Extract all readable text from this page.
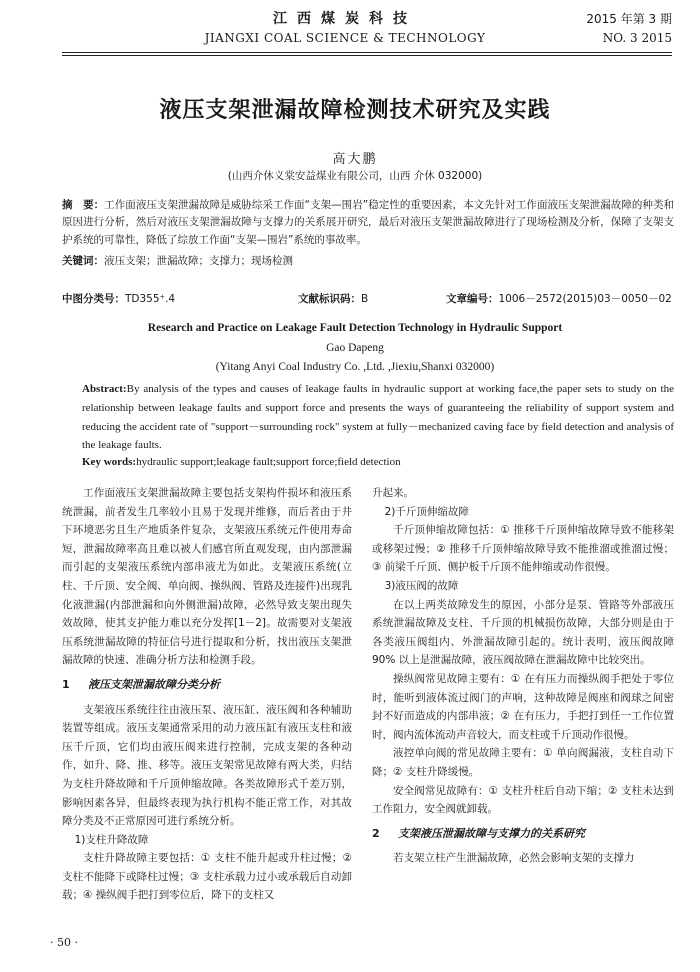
江西煤炭科技
JIANGXI COAL SCIENCE & TECHNOLOGY
2015 年第 3 期
NO. 3 2015
液压支架泄漏故障检测技术研究及实践
高大鹏
(山西介休义棠安益煤业有限公司，山西 介休 032000)
摘　要：工作面液压支架泄漏故障是威胁综采工作面“支架—围岩”稳定性的重要因素，本文先针对工作面液压支架泄漏故障的种类和原因进行分析，然后对液压支架泄漏故障与支撑力的关系展开研究，最后对液压支架泄漏故障进行了现场检测及分析，保障了支架支护系统的可靠性，降低了综放工作面“支架—围岩”系统的事故率。
关键词：液压支架；泄漏故障；支撑力；现场检测
中图分类号：TD355⁺.4	文献标识码：B	文章编号：1006－2572(2015)03－0050－02
Research and Practice on Leakage Fault Detection Technology in Hydraulic Support
Gao Dapeng
(Yitang Anyi Coal Industry Co. ,Ltd. ,Jiexiu,Shanxi 032000)
Abstract:By analysis of the types and causes of leakage faults in hydraulic support at working face,the paper sets to study on the relationship between leakage faults and support force and presents the ways of guaranteeing the reliability of support system and reducing the accident rate of "support－surrounding rock" system at fully－mechanized caving face by field detection and analysis of the leakage faults.
Key words:hydraulic support;leakage fault;support force;field detection

工作面液压支架泄漏故障主要包括支架构件损坏和液压系统泄漏，前者发生几率较小且易于发现并维修，而后者由于井下环境恶劣且生产地质条件复杂，支架液压系统元件使用寿命短，泄漏故障率高且难以被人们感官所直观发现，由内部泄漏而引起的支架液压系统内部串液尤为如此。支架液压系统(立柱、千斤顶、安全阀、单向阀、操纵阀、管路及连接件)出现乳化液泄漏(内部泄漏和向外侧泄漏)故障，必然导致支架出现失效故障，使其支护能力难以充分发挥[1－2]。故需要对支架液压系统泄漏故障的特征信号进行提取和分析，找出液压支架泄漏故障的快速、准确分析方法和检测手段。

1 液压支架泄漏故障分类分析

支架液压系统往往由液压泵、液压缸、液压阀和各种辅助装置等组成。液压支架通常采用的动力液压缸有液压支柱和液压千斤顶，它们均由液压阀来进行控制，完成支架的各种动作，如升、降、推、移等。液压支架常见故障有两大类，归结为支柱升降故障和千斤顶伸缩故障。各类故障形式千差万别，影响因素各异，但最终表现为执行机构不能正常工作，对其故障分类及不正常原因可进行系统分析。

1)支柱升降故障

支柱升降故障主要包括：① 支柱不能升起或升柱过慢；② 支柱不能降下或降柱过慢；③ 支柱承载力过小或承载后自动卸载；④ 操纵阀手把打到零位后，降下的支柱又

升起来。

2)千斤顶伸缩故障

千斤顶伸缩故障包括：① 推移千斤顶伸缩故障导致不能移架或移架过慢；② 推移千斤顶伸缩故障导致不能推溜或推溜过慢；③ 前梁千斤顶、侧护板千斤顶不能伸缩或动作很慢。

3)液压阀的故障

在以上两类故障发生的原因，小部分是泵、管路等外部液压系统泄漏故障及支柱、千斤顶的机械损伤故障，大部分则是由于各类液压阀组内、外泄漏故障引起的。统计表明，液压阀故障 90% 以上是泄漏故障，液压阀故障在泄漏故障中比较突出。

操纵阀常见故障主要有：① 在有压力而操纵阀手把处于零位时，能听到液体流过阀门的声响，这种故障是阀座和阀球之间密封不好而造成的内部串液；② 在有压力，手把打到任一工作位置时，阀内流体流动声音较大，而支柱或千斤顶动作很慢。

液控单向阀的常见故障主要有：① 单向阀漏液，支柱自动下降；② 支柱升降缓慢。

安全阀常见故障有：① 支柱升柱后自动下缩；② 支柱未达到工作阻力，安全阀就卸载。

2 支架液压泄漏故障与支撑力的关系研究

若支架立柱产生泄漏故障，必然会影响支架的支撑力

· 50 ·
